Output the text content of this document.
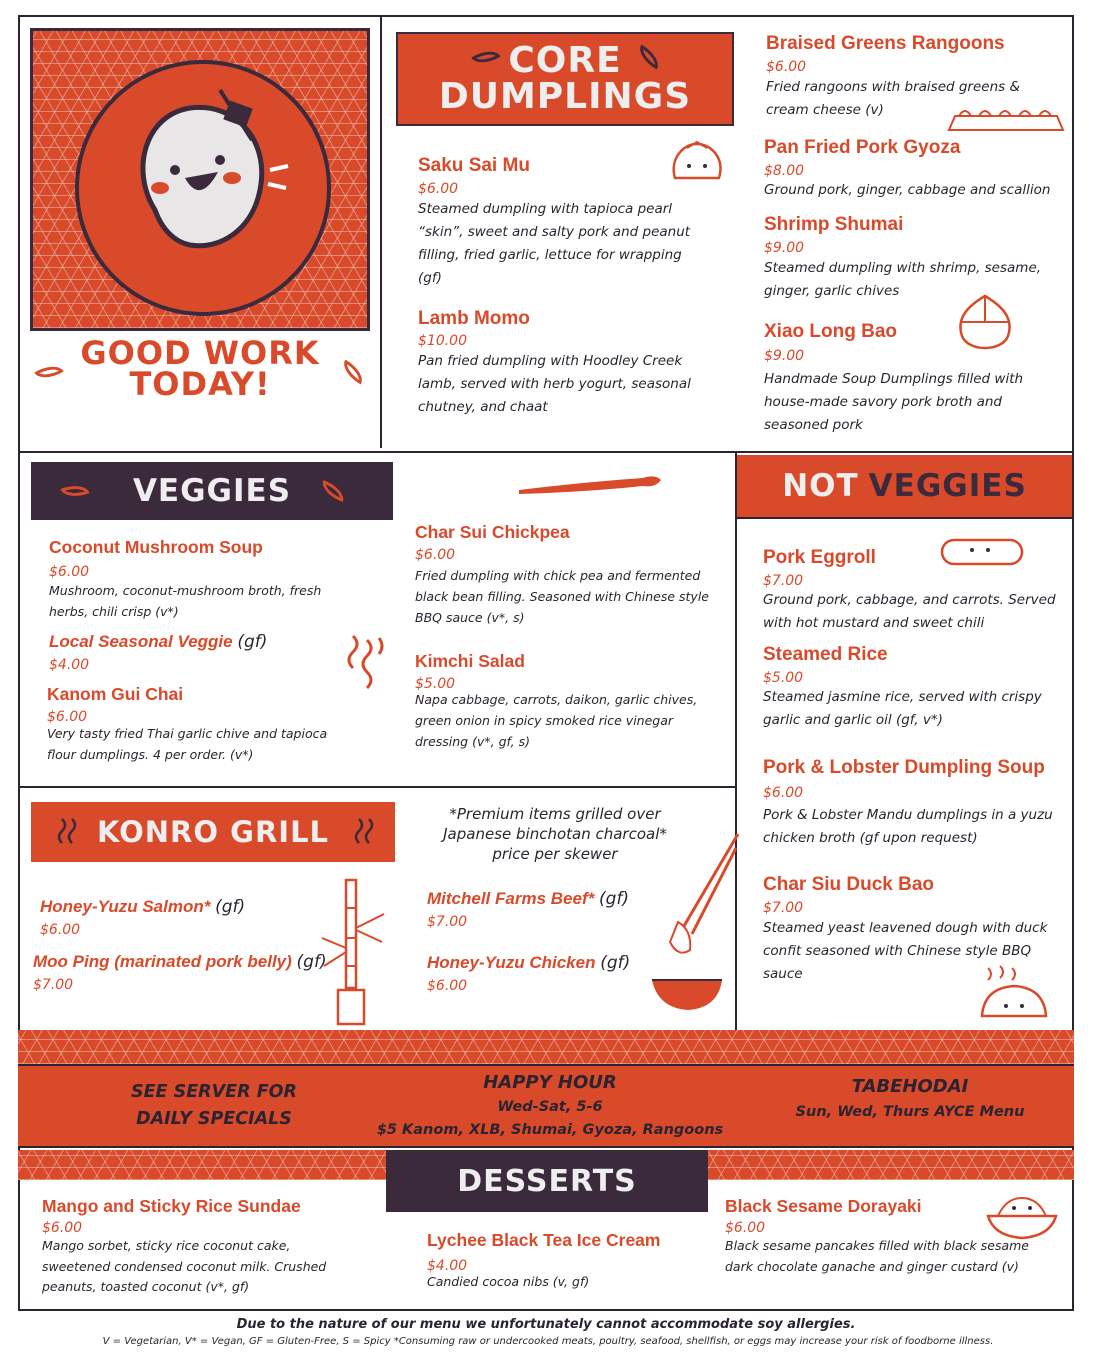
GOOD WORK
TODAY!
CORE
DUMPLINGS
Saku Sai Mu
$6.00
Steamed dumpling with tapioca pearl “skin”, sweet and salty pork and peanut filling, fried garlic, lettuce for wrapping (gf)
Lamb Momo
$10.00
Pan fried dumpling with Hoodley Creek lamb, served with herb yogurt, seasonal chutney, and chaat
Braised Greens Rangoons
$6.00
Fried rangoons with braised greens & cream cheese (v)
Pan Fried Pork Gyoza
$8.00
Ground pork, ginger, cabbage and scallion
Shrimp Shumai
$9.00
Steamed dumpling with shrimp, sesame, ginger, garlic chives
Xiao Long Bao
$9.00
Handmade Soup Dumplings filled with house-made savory pork broth and seasoned pork
VEGGIES
Coconut Mushroom Soup
$6.00
Mushroom, coconut-mushroom broth, fresh herbs, chili crisp (v*)
Local Seasonal Veggie (gf)
$4.00
Kanom Gui Chai
$6.00
Very tasty fried Thai garlic chive and tapioca flour dumplings. 4 per order. (v*)
Char Sui Chickpea
$6.00
Fried dumpling with chick pea and fermented black bean filling. Seasoned with Chinese style BBQ sauce (v*, s)
Kimchi Salad
$5.00
Napa cabbage, carrots, daikon, garlic chives, green onion in spicy smoked rice vinegar dressing (v*, gf, s)
NOT VEGGIES
Pork Eggroll
$7.00
Ground pork, cabbage, and carrots. Served with hot mustard and sweet chili
Steamed Rice
$5.00
Steamed jasmine rice, served with crispy garlic and garlic oil (gf, v*)
Pork & Lobster Dumpling Soup
$6.00
Pork & Lobster Mandu dumplings in a yuzu chicken broth (gf upon request)
Char Siu Duck Bao
$7.00
Steamed yeast leavened dough with duck confit seasoned with Chinese style BBQ sauce
KONRO GRILL
*Premium items grilled over Japanese binchotan charcoal* price per skewer
Honey-Yuzu Salmon* (gf)
$6.00
Moo Ping (marinated pork belly) (gf)
$7.00
Mitchell Farms Beef* (gf)
$7.00
Honey-Yuzu Chicken (gf)
$6.00
SEE SERVER FOR
DAILY SPECIALS
HAPPY HOUR
Wed-Sat, 5-6
$5 Kanom, XLB, Shumai, Gyoza, Rangoons
TABEHODAI
Sun, Wed, Thurs AYCE Menu
DESSERTS
Mango and Sticky Rice Sundae
$6.00
Mango sorbet, sticky rice coconut cake, sweetened condensed coconut milk. Crushed peanuts, toasted coconut (v*, gf)
Lychee Black Tea Ice Cream
$4.00
Candied cocoa nibs (v, gf)
Black Sesame Dorayaki
$6.00
Black sesame pancakes filled with black sesame dark chocolate ganache and ginger custard (v)
Due to the nature of our menu we unfortunately cannot accommodate soy allergies.
V = Vegetarian, V* = Vegan, GF = Gluten-Free, S = Spicy *Consuming raw or undercooked meats, poultry, seafood, shellfish, or eggs may increase your risk of foodborne illness.
